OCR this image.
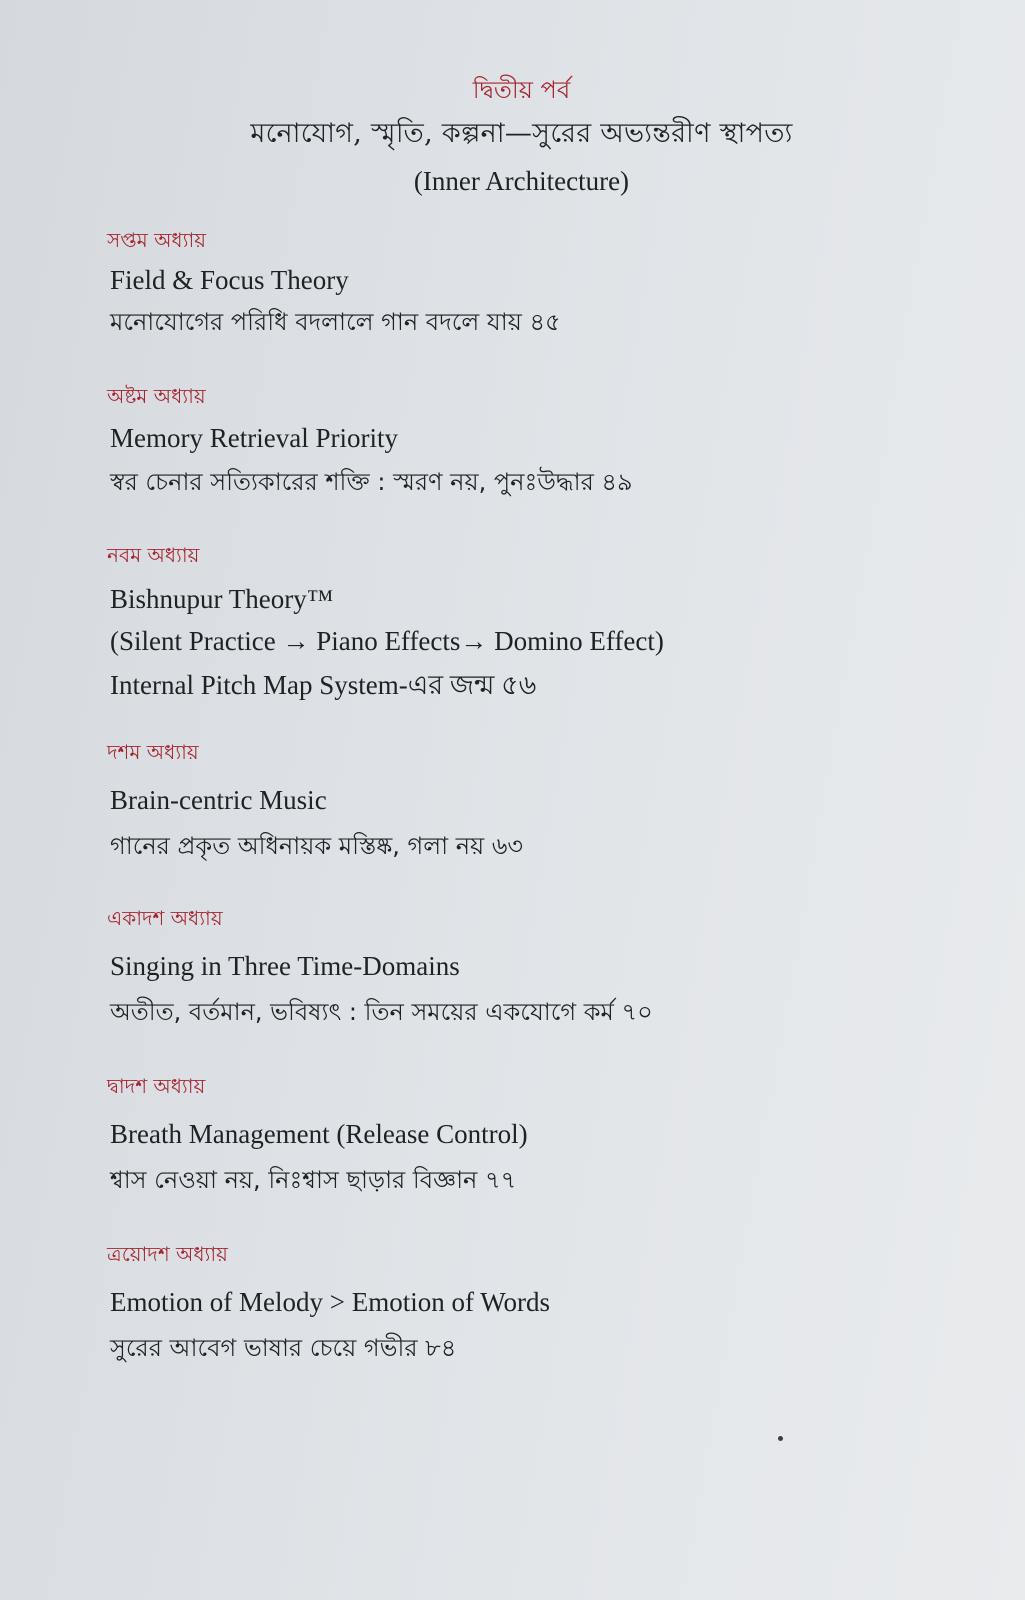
দ্বিতীয় পর্ব
মনোযোগ, স্মৃতি, কল্পনা—সুরের অভ্যন্তরীণ স্থাপত্য
(Inner Architecture)
সপ্তম অধ্যায়
Field & Focus Theory
মনোযোগের পরিধি বদলালে গান বদলে যায় ৪৫
অষ্টম অধ্যায়
Memory Retrieval Priority
স্বর চেনার সত্যিকারের শক্তি : স্মরণ নয়, পুনঃউদ্ধার ৪৯
নবম অধ্যায়
Bishnupur Theory™
(Silent Practice → Piano Effects→ Domino Effect)
Internal Pitch Map System-এর জন্ম ৫৬
দশম অধ্যায়
Brain-centric Music
গানের প্রকৃত অধিনায়ক মস্তিষ্ক, গলা নয় ৬৩
একাদশ অধ্যায়
Singing in Three Time-Domains
অতীত, বর্তমান, ভবিষ্যৎ : তিন সময়ের একযোগে কর্ম ৭০
দ্বাদশ অধ্যায়
Breath Management (Release Control)
শ্বাস নেওয়া নয়, নিঃশ্বাস ছাড়ার বিজ্ঞান ৭৭
ত্রয়োদশ অধ্যায়
Emotion of Melody > Emotion of Words
সুরের আবেগ ভাষার চেয়ে গভীর ৮৪
